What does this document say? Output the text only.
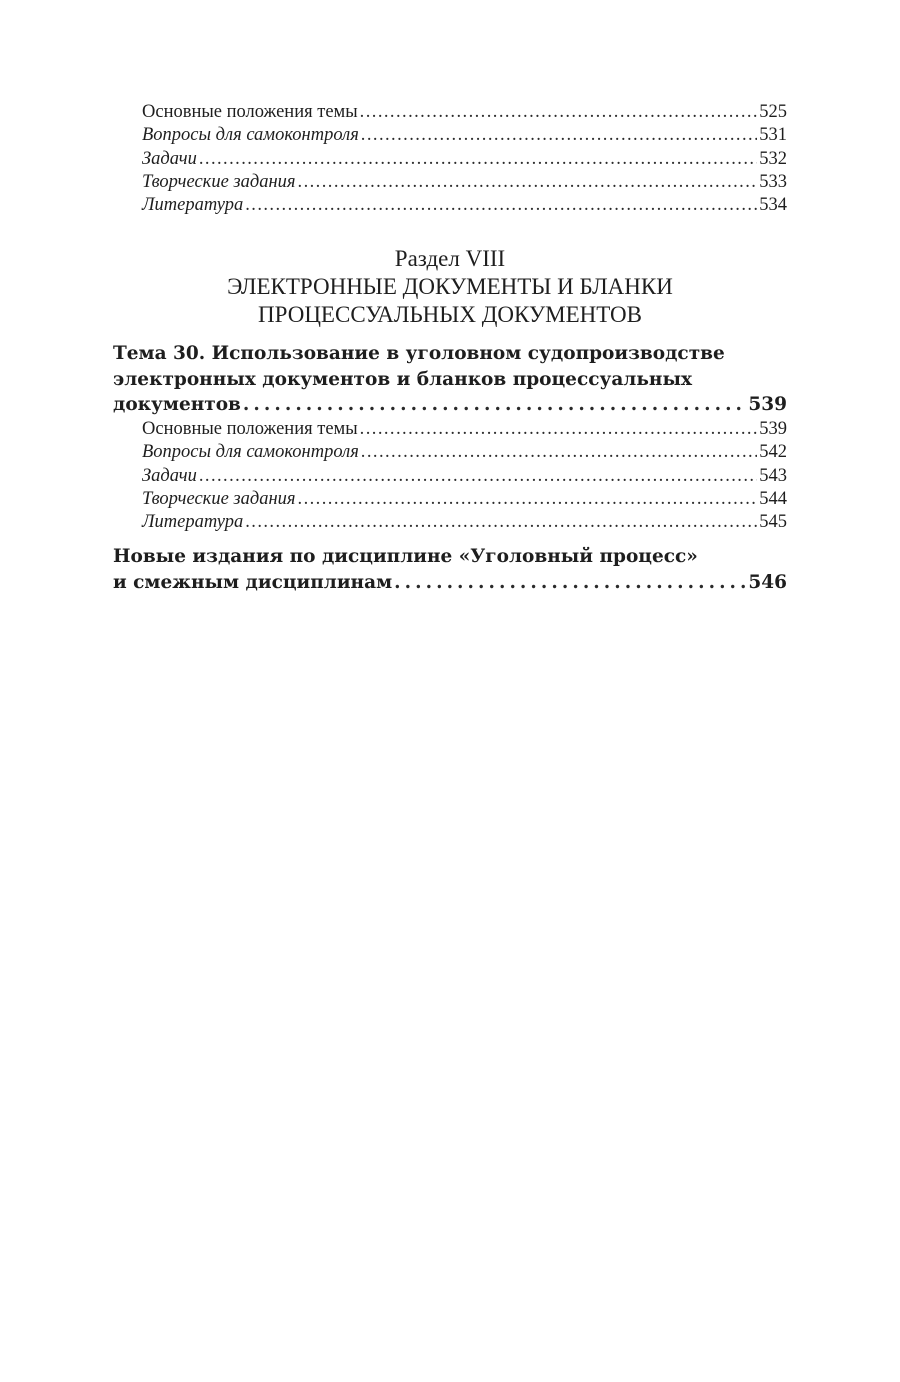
Основные положения темы . . .	525
Вопросы для самоконтроля . . .	531
Задачи . . .	532
Творческие задания . . .	533
Литература . . .	534
Раздел VIII
ЭЛЕКТРОННЫЕ ДОКУМЕНТЫ И БЛАНКИ
ПРОЦЕССУАЛЬНЫХ ДОКУМЕНТОВ
Тема 30. Использование в уголовном судопроизводстве
электронных документов и бланков процессуальных
документов . . .	539
Основные положения темы . . .	539
Вопросы для самоконтроля . . .	542
Задачи . . .	543
Творческие задания . . .	544
Литература . . .	545
Новые издания по дисциплине «Уголовный процесс»
и смежным дисциплинам . . .	546
